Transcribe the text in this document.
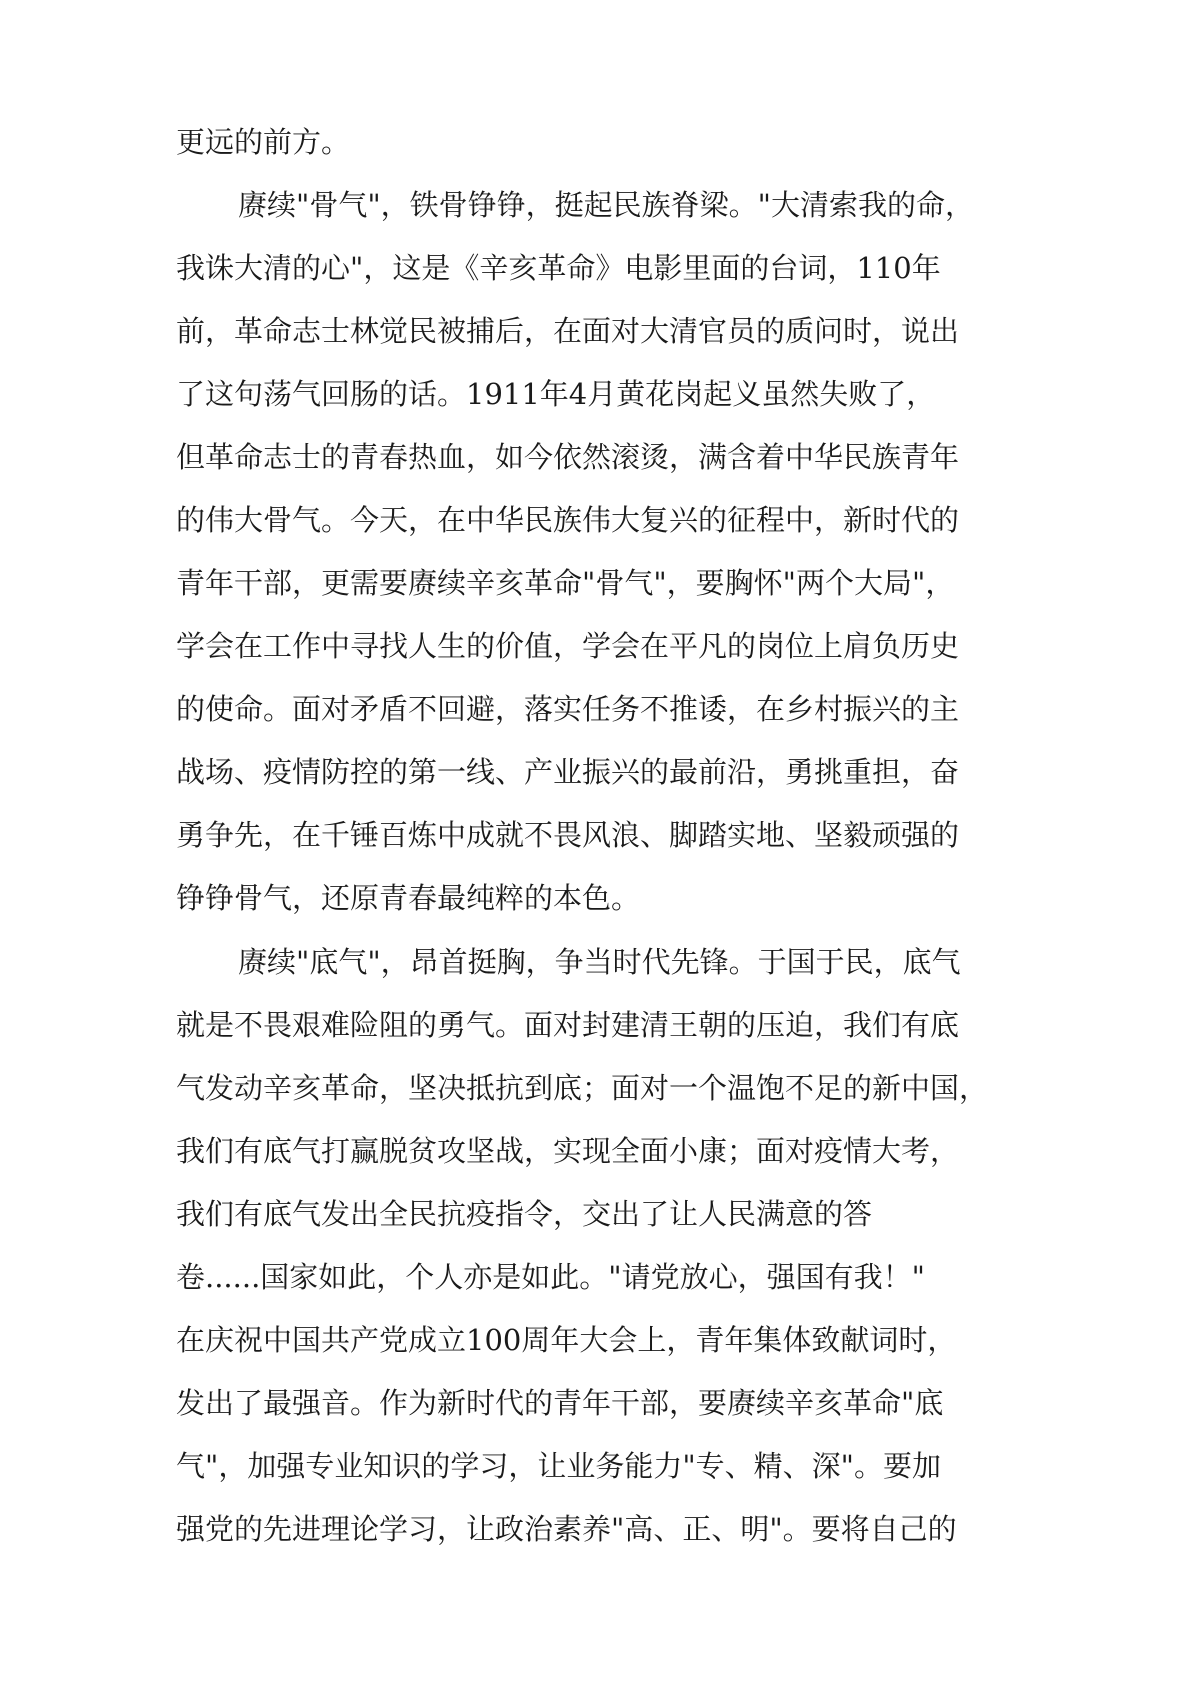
更远的前方。

赓续"骨气"，铁骨铮铮，挺起民族脊梁。"大清索我的命，

我诛大清的心"，这是《辛亥革命》电影里面的台词，110年

前，革命志士林觉民被捕后，在面对大清官员的质问时，说出

了这句荡气回肠的话。1911年4月黄花岗起义虽然失败了，

但革命志士的青春热血，如今依然滚烫，满含着中华民族青年

的伟大骨气。今天，在中华民族伟大复兴的征程中，新时代的

青年干部，更需要赓续辛亥革命"骨气"，要胸怀"两个大局"，

学会在工作中寻找人生的价值，学会在平凡的岗位上肩负历史

的使命。面对矛盾不回避，落实任务不推诿，在乡村振兴的主

战场、疫情防控的第一线、产业振兴的最前沿，勇挑重担，奋

勇争先，在千锤百炼中成就不畏风浪、脚踏实地、坚毅顽强的

铮铮骨气，还原青春最纯粹的本色。

赓续"底气"，昂首挺胸，争当时代先锋。于国于民，底气

就是不畏艰难险阻的勇气。面对封建清王朝的压迫，我们有底

气发动辛亥革命，坚决抵抗到底；面对一个温饱不足的新中国，

我们有底气打赢脱贫攻坚战，实现全面小康；面对疫情大考，

我们有底气发出全民抗疫指令，交出了让人民满意的答

卷......国家如此，个人亦是如此。"请党放心，强国有我！"

在庆祝中国共产党成立100周年大会上，青年集体致献词时，

发出了最强音。作为新时代的青年干部，要赓续辛亥革命"底

气"，加强专业知识的学习，让业务能力"专、精、深"。要加

强党的先进理论学习，让政治素养"高、正、明"。要将自己的
